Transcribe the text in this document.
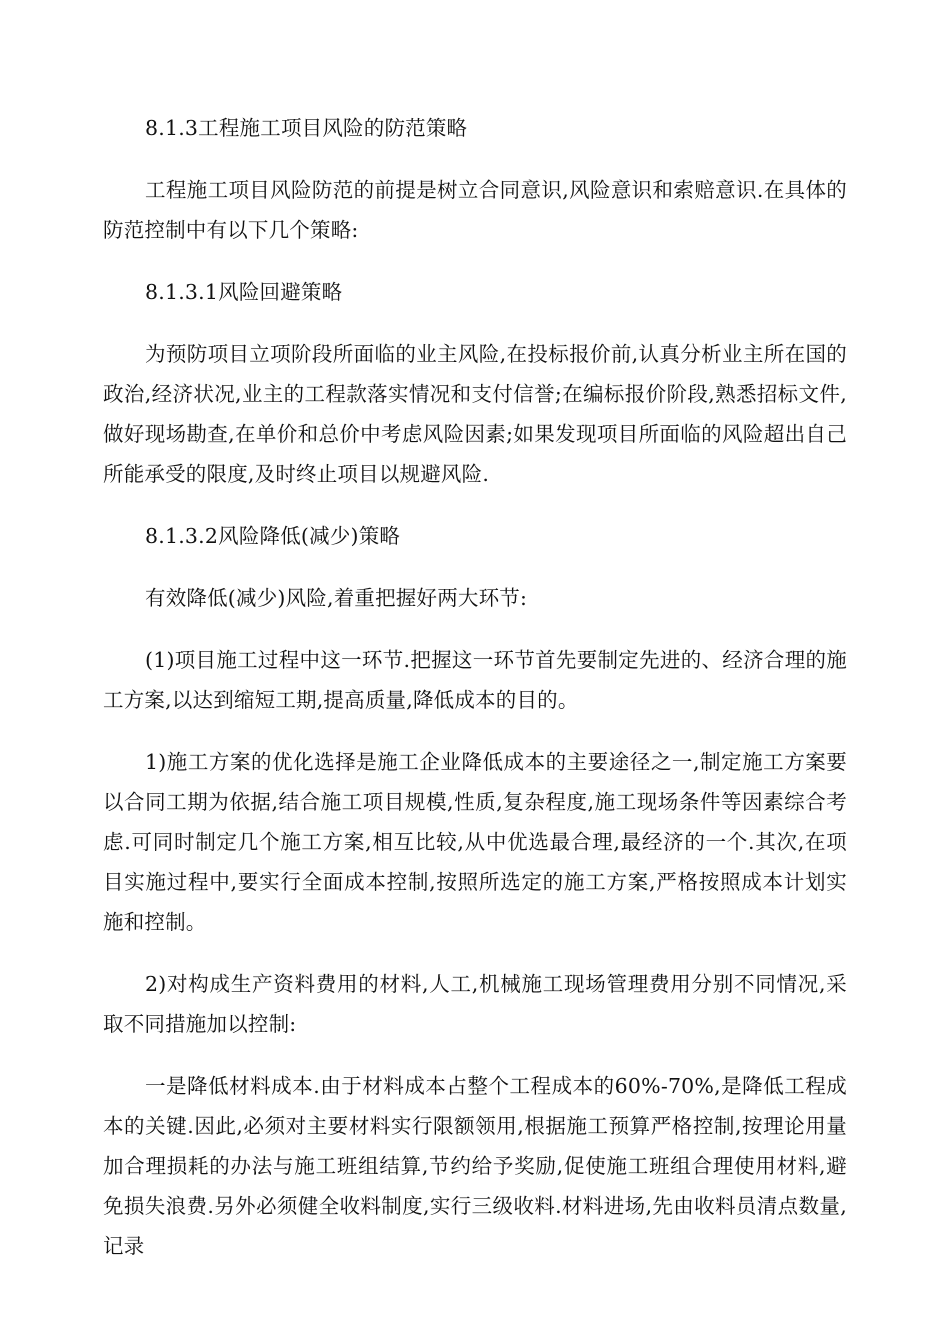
8.1.3工程施工项目风险的防范策略
工程施工项目风险防范的前提是树立合同意识,风险意识和索赔意识.在具体的防范控制中有以下几个策略:
8.1.3.1风险回避策略
为预防项目立项阶段所面临的业主风险,在投标报价前,认真分析业主所在国的政治,经济状况,业主的工程款落实情况和支付信誉;在编标报价阶段,熟悉招标文件,做好现场勘查,在单价和总价中考虑风险因素;如果发现项目所面临的风险超出自己所能承受的限度,及时终止项目以规避风险.
8.1.3.2风险降低(减少)策略
有效降低(减少)风险,着重把握好两大环节:
(1)项目施工过程中这一环节.把握这一环节首先要制定先进的、经济合理的施工方案,以达到缩短工期,提高质量,降低成本的目的。
1)施工方案的优化选择是施工企业降低成本的主要途径之一,制定施工方案要以合同工期为依据,结合施工项目规模,性质,复杂程度,施工现场条件等因素综合考虑.可同时制定几个施工方案,相互比较,从中优选最合理,最经济的一个.其次,在项目实施过程中,要实行全面成本控制,按照所选定的施工方案,严格按照成本计划实施和控制。
2)对构成生产资料费用的材料,人工,机械施工现场管理费用分别不同情况,采取不同措施加以控制:
一是降低材料成本.由于材料成本占整个工程成本的60%-70%,是降低工程成本的关键.因此,必须对主要材料实行限额领用,根据施工预算严格控制,按理论用量加合理损耗的办法与施工班组结算,节约给予奖励,促使施工班组合理使用材料,避免损失浪费.另外必须健全收料制度,实行三级收料.材料进场,先由收料员清点数量,记录
